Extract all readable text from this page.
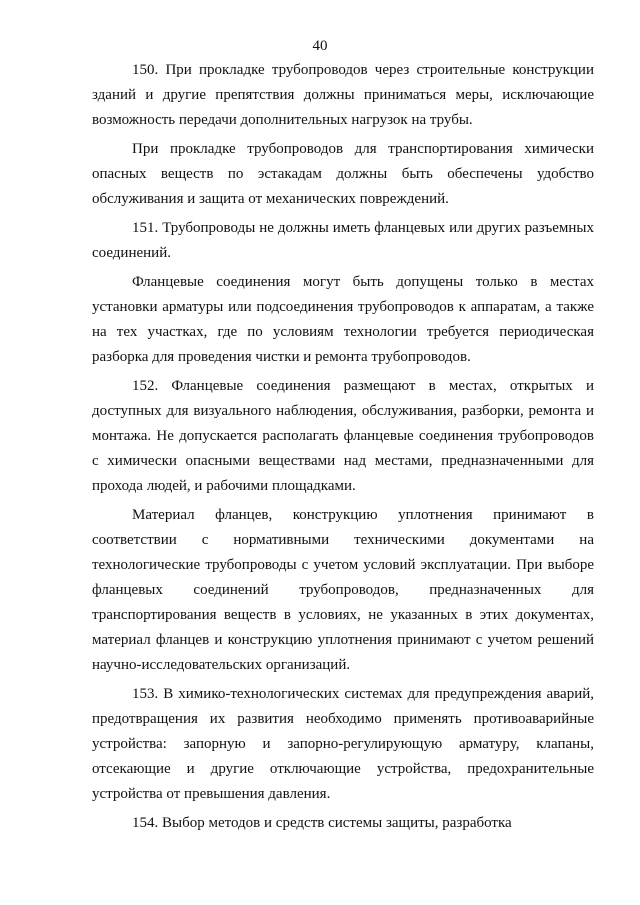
40

150. При прокладке трубопроводов через строительные конструкции зданий и другие препятствия должны приниматься меры, исключающие возможность передачи дополнительных нагрузок на трубы.

При прокладке трубопроводов для транспортирования химически опасных веществ по эстакадам должны быть обеспечены удобство обслуживания и защита от механических повреждений.

151. Трубопроводы не должны иметь фланцевых или других разъемных соединений.

Фланцевые соединения могут быть допущены только в местах установки арматуры или подсоединения трубопроводов к аппаратам, а также на тех участках, где по условиям технологии требуется периодическая разборка для проведения чистки и ремонта трубопроводов.

152. Фланцевые соединения размещают в местах, открытых и доступных для визуального наблюдения, обслуживания, разборки, ремонта и монтажа. Не допускается располагать фланцевые соединения трубопроводов с химически опасными веществами над местами, предназначенными для прохода людей, и рабочими площадками.

Материал фланцев, конструкцию уплотнения принимают в соответствии с нормативными техническими документами на технологические трубопроводы с учетом условий эксплуатации. При выборе фланцевых соединений трубопроводов, предназначенных для транспортирования веществ в условиях, не указанных в этих документах, материал фланцев и конструкцию уплотнения принимают с учетом решений научно-исследовательских организаций.

153. В химико-технологических системах для предупреждения аварий, предотвращения их развития необходимо применять противоаварийные устройства: запорную и запорно-регулирующую арматуру, клапаны, отсекающие и другие отключающие устройства, предохранительные устройства от превышения давления.

154. Выбор методов и средств системы защиты, разработка
